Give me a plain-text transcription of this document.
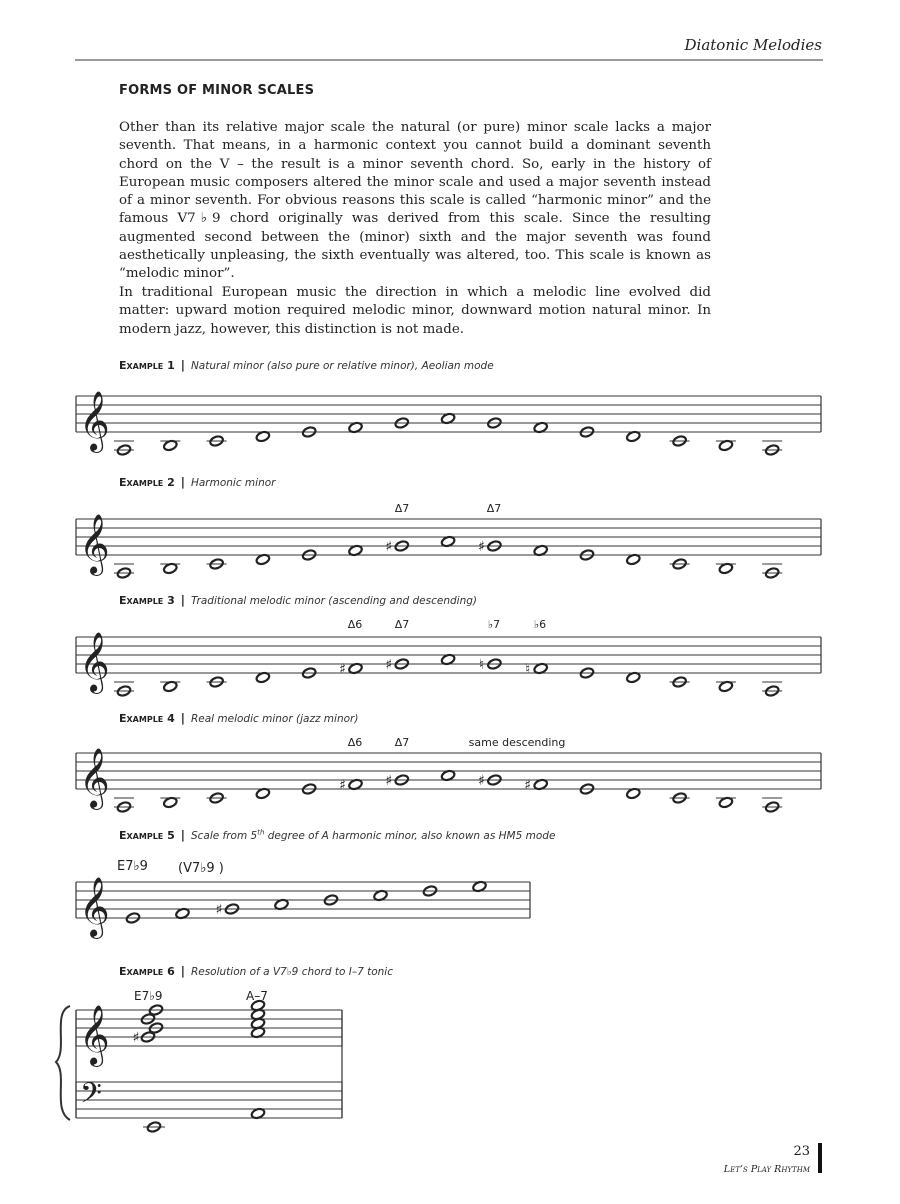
Diatonic Melodies
FORMS OF MINOR SCALES

Other than its relative major scale the natural (or pure) minor scale lacks a major seventh. That means, in a harmonic context you cannot build a dominant seventh chord on the V – the result is a minor seventh chord. So, early in the history of European music composers altered the minor scale and used a major seventh instead of a minor seventh. For obvious reasons this scale is called “harmonic minor” and the famous V7♭9 chord originally was derived from this scale. Since the resulting augmented second between the (minor) sixth and the major seventh was found aesthetically unpleasing, the sixth eventually was altered, too. This scale is known as “melodic minor”.

In traditional European music the direction in which a melodic line evolved did matter: upward motion required melodic minor, downward motion natural minor. In modern jazz, however, this distinction is not made.

Example 1 | Natural minor (also pure or relative minor), Aeolian mode
Example 2 | Harmonic minor
Example 3 | Traditional melodic minor (ascending and descending)
Example 4 | Real melodic minor (jazz minor)
Example 5 | Scale from 5th degree of A harmonic minor, also known as HM5 mode
Example 6 | Resolution of a V7♭9 chord to I–7 tonic
𝄞
𝄞	♯	♯
Δ7	Δ7
𝄞	♯	♯	♮	♮
Δ6	Δ7	♭7	♭6
𝄞	♯	♯	♯	♯
Δ6	Δ7	same descending
𝄞	♯
E7♭9 (V7♭9 )
𝄞
𝄢
♯
E7♭9	A–7
23
Let’s Play Rhythm
